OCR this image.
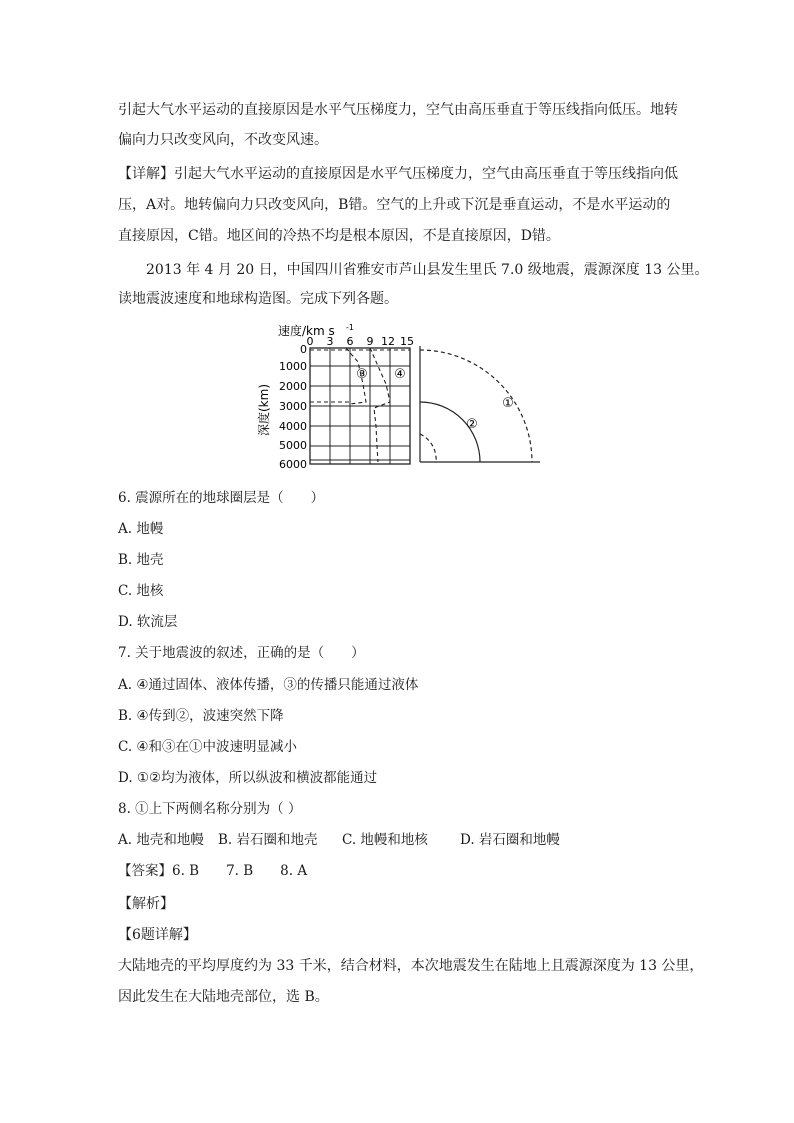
引起大气水平运动的直接原因是水平气压梯度力，空气由高压垂直于等压线指向低压。地转
偏向力只改变风向，不改变风速。
【详解】引起大气水平运动的直接原因是水平气压梯度力，空气由高压垂直于等压线指向低
压，A对。地转偏向力只改变风向，B错。空气的上升或下沉是垂直运动，不是水平运动的
直接原因，C错。地区间的冷热不均是根本原因，不是直接原因，D错。
2013 年 4 月 20 日，中国四川省雅安市芦山县发生里氏 7.0 级地震，震源深度 13 公里。
读地震波速度和地球构造图。完成下列各题。
速度/km s -1
深度(km)
0 3 6 9 12 15
0
1000
2000
3000
4000
5000
6000
③ ④
①
②
6. 震源所在的地球圈层是（　　）
A. 地幔
B. 地壳
C. 地核
D. 软流层
7. 关于地震波的叙述，正确的是（　　）
A. ④通过固体、液体传播，③的传播只能通过液体
B. ④传到②，波速突然下降
C. ④和③在①中波速明显减小
D. ①②均为液体，所以纵波和横波都能通过
8. ①上下两侧名称分别为（ ）
A. 地壳和地幔 B. 岩石圈和地壳 C. 地幔和地核 D. 岩石圈和地幔
【答案】6. B　　7. B　　8. A
【解析】
【6题详解】
大陆地壳的平均厚度约为 33 千米，结合材料，本次地震发生在陆地上且震源深度为 13 公里，
因此发生在大陆地壳部位，选 B。
